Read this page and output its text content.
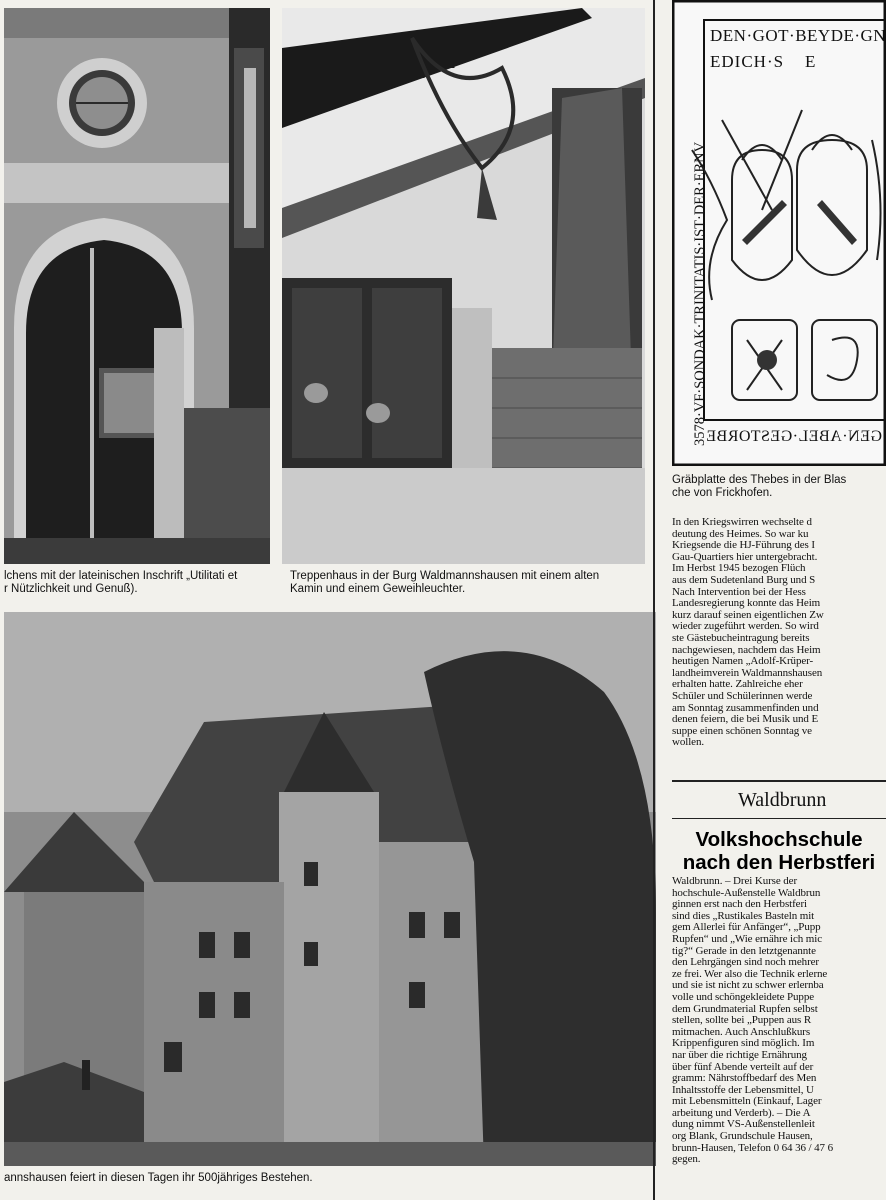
lchens mit der lateinischen Inschrift „Utilitati et
r Nützlichkeit und Genuß).
Treppenhaus in der Burg Waldmannshausen mit einem alten
Kamin und einem Geweihleuchter.
annshausen feiert in diesen Tagen ihr 500jähriges Bestehen.
DEN·GOT·BEYDE·GN
EDICH·S    E
3578·VF·SONDAK·TRINITATIS·IST·DER·ERNV
GEN·ABEL·GESTORBE
Gräbplatte des Thebes in der Blas
che von Frickhofen.
In den Kriegswirren wechselte d
deutung des Heimes. So war ku
Kriegsende die HJ-Führung des I
Gau-Quartiers hier untergebracht.
Im Herbst 1945 bezogen Flüch
aus dem Sudetenland Burg und S
Nach Intervention bei der Hess
Landesregierung konnte das Heim
kurz darauf seinen eigentlichen Zw
wieder zugeführt werden. So wird
ste Gästebucheintragung bereits
nachgewiesen, nachdem das Heim
heutigen Namen „Adolf-Krüper-
landheimverein Waldmannshausen
erhalten hatte. Zahlreiche eher
Schüler und Schülerinnen werde
am Sonntag zusammenfinden und
denen feiern, die bei Musik und E
suppe einen schönen Sonntag ve
wollen.
Waldbrunn
Volkshochschule
nach den Herbstferi
Waldbrunn. – Drei Kurse der
hochschule-Außenstelle Waldbrun
ginnen erst nach den Herbstferi
sind dies „Rustikales Basteln mit
gem Allerlei für Anfänger“, „Pupp
Rupfen“ und „Wie ernähre ich mic
tig?“ Gerade in den letztgenannte
den Lehrgängen sind noch mehrer
ze frei. Wer also die Technik erlerne
und sie ist nicht zu schwer erlernba
volle und schöngekleidete Puppe
dem Grundmaterial Rupfen selbst
stellen, sollte bei „Puppen aus R
mitmachen. Auch Anschlußkurs
Krippenfiguren sind möglich. Im
nar über die richtige Ernährung
über fünf Abende verteilt auf der
gramm: Nährstoffbedarf des Men
Inhaltsstoffe der Lebensmittel, U
mit Lebensmitteln (Einkauf, Lager
arbeitung und Verderb). – Die A
dung nimmt VS-Außenstellenleit
org Blank, Grundschule Hausen,
brunn-Hausen, Telefon 0 64 36 / 47 6
gegen.
